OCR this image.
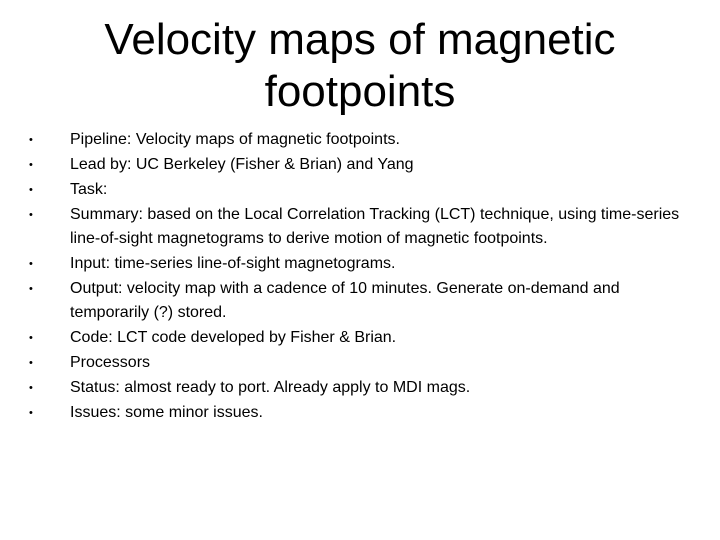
Velocity maps of magnetic
footpoints
• Pipeline: Velocity maps of magnetic footpoints.
• Lead by: UC Berkeley (Fisher & Brian) and Yang
• Task:
• Summary: based on the Local Correlation Tracking (LCT) technique, using time-series line-of-sight magnetograms to derive motion of magnetic footpoints.
• Input: time-series line-of-sight magnetograms.
• Output: velocity map with a cadence of 10 minutes. Generate on-demand and temporarily (?) stored.
• Code: LCT code developed by Fisher & Brian.
• Processors
• Status: almost ready to port. Already apply to MDI mags.
• Issues: some minor issues.
